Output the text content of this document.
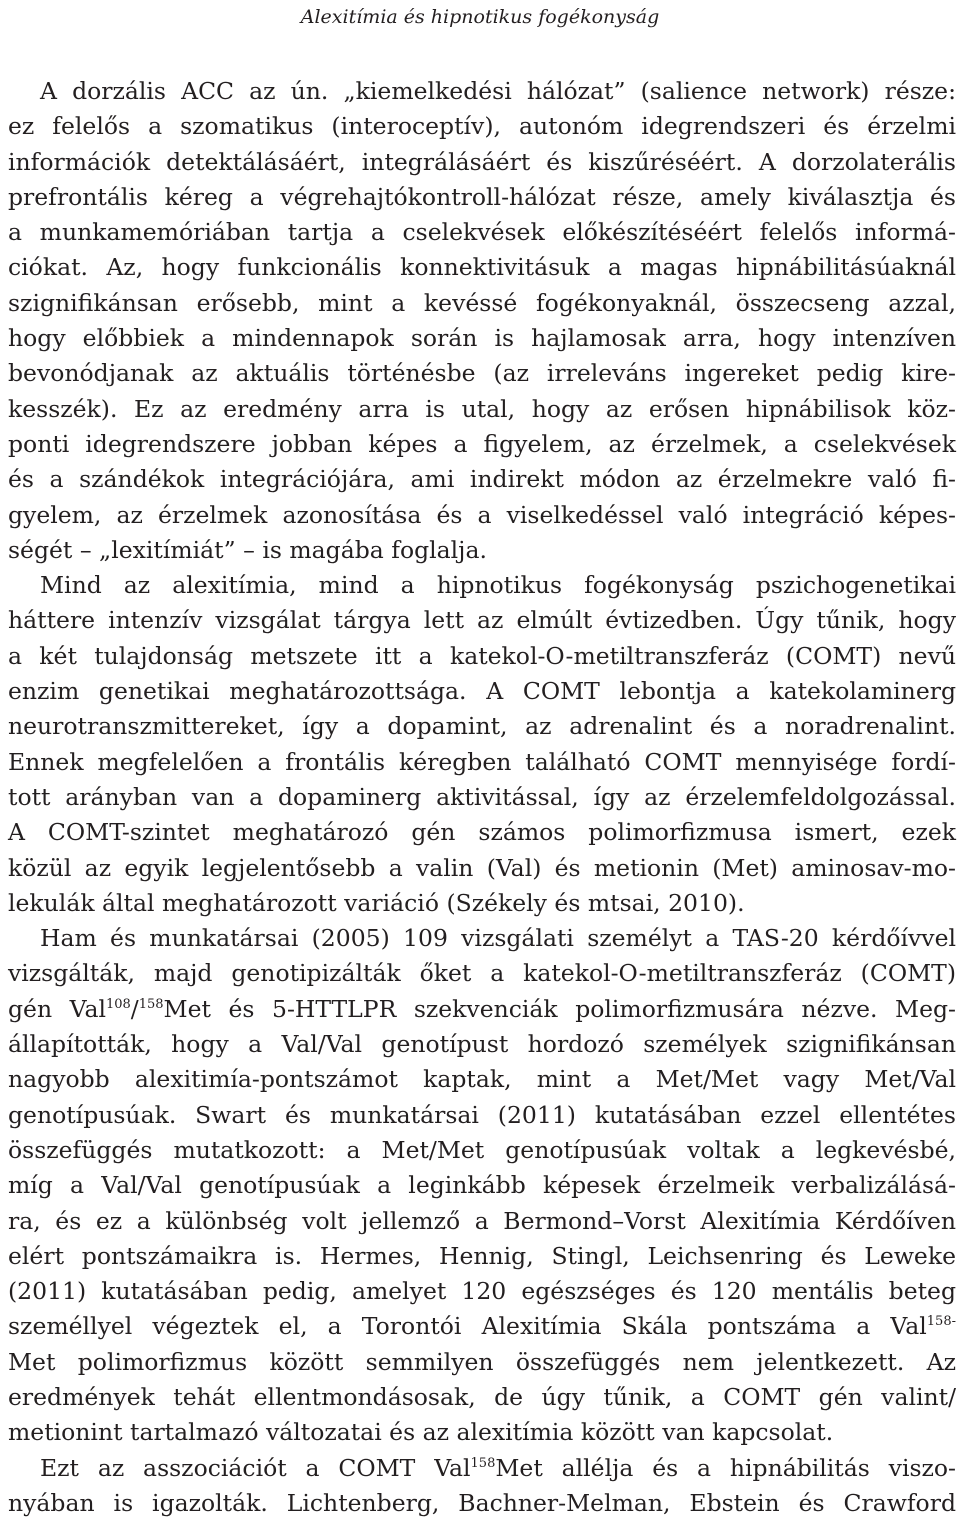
Alexitímia és hipnotikus fogékonyság
A dorzális ACC az ún. „kiemelkedési hálózat” (salience network) része:
ez felelős a szomatikus (interoceptív), autonóm idegrendszeri és érzelmi
információk detektálásáért, integrálásáért és kiszűréséért. A dorzolaterális
prefrontális kéreg a végrehajtókontroll-hálózat része, amely kiválasztja és
a munkamemóriában tartja a cselekvések előkészítéséért felelős informá-
ciókat. Az, hogy funkcionális konnektivitásuk a magas hipnábilitásúaknál
szignifikánsan erősebb, mint a kevéssé fogékonyaknál, összecseng azzal,
hogy előbbiek a mindennapok során is hajlamosak arra, hogy intenzíven
bevonódjanak az aktuális történésbe (az irreleváns ingereket pedig kire-
kesszék). Ez az eredmény arra is utal, hogy az erősen hipnábilisok köz-
ponti idegrendszere jobban képes a figyelem, az érzelmek, a cselekvések
és a szándékok integrációjára, ami indirekt módon az érzelmekre való fi-
gyelem, az érzelmek azonosítása és a viselkedéssel való integráció képes-
ségét – „lexitímiát” – is magába foglalja.
Mind az alexitímia, mind a hipnotikus fogékonyság pszichogenetikai
háttere intenzív vizsgálat tárgya lett az elmúlt évtizedben. Úgy tűnik, hogy
a két tulajdonság metszete itt a katekol-O-metiltranszferáz (COMT) nevű
enzim genetikai meghatározottsága. A COMT lebontja a katekolaminerg
neurotranszmittereket, így a dopamint, az adrenalint és a noradrenalint.
Ennek megfelelően a frontális kéregben található COMT mennyisége fordí-
tott arányban van a dopaminerg aktivitással, így az érzelemfeldolgozással.
A COMT-szintet meghatározó gén számos polimorfizmusa ismert, ezek
közül az egyik legjelentősebb a valin (Val) és metionin (Met) aminosav-mo-
lekulák által meghatározott variáció (Székely és mtsai, 2010).
Ham és munkatársai (2005) 109 vizsgálati személyt a TAS-20 kérdőívvel
vizsgálták, majd genotipizálták őket a katekol-O-metiltranszferáz (COMT)
gén Val$^{108}$/$^{158}$Met és 5-HTTLPR szekvenciák polimorfizmusára nézve. Meg-
állapították, hogy a Val/Val genotípust hordozó személyek szignifikánsan
nagyobb alexitimía-pontszámot kaptak, mint a Met/Met vagy Met/Val
genotípusúak. Swart és munkatársai (2011) kutatásában ezzel ellentétes
összefüggés mutatkozott: a Met/Met genotípusúak voltak a legkevésbé,
míg a Val/Val genotípusúak a leginkább képesek érzelmeik verbalizálásá-
ra, és ez a különbség volt jellemző a Bermond–Vorst Alexitímia Kérdőíven
elért pontszámaikra is. Hermes, Hennig, Stingl, Leichsenring és Leweke
(2011) kutatásában pedig, amelyet 120 egészséges és 120 mentális beteg
személlyel végeztek el, a Torontói Alexitímia Skála pontszáma a Val$^{158-}$
Met polimorfizmus között semmilyen összefüggés nem jelentkezett. Az
eredmények tehát ellentmondásosak, de úgy tűnik, a COMT gén valint/
metionint tartalmazó változatai és az alexitímia között van kapcsolat.
Ezt az asszociációt a COMT Val$^{158}$Met allélja és a hipnábilitás viszo-
nyában is igazolták. Lichtenberg, Bachner-Melman, Ebstein és Crawford
